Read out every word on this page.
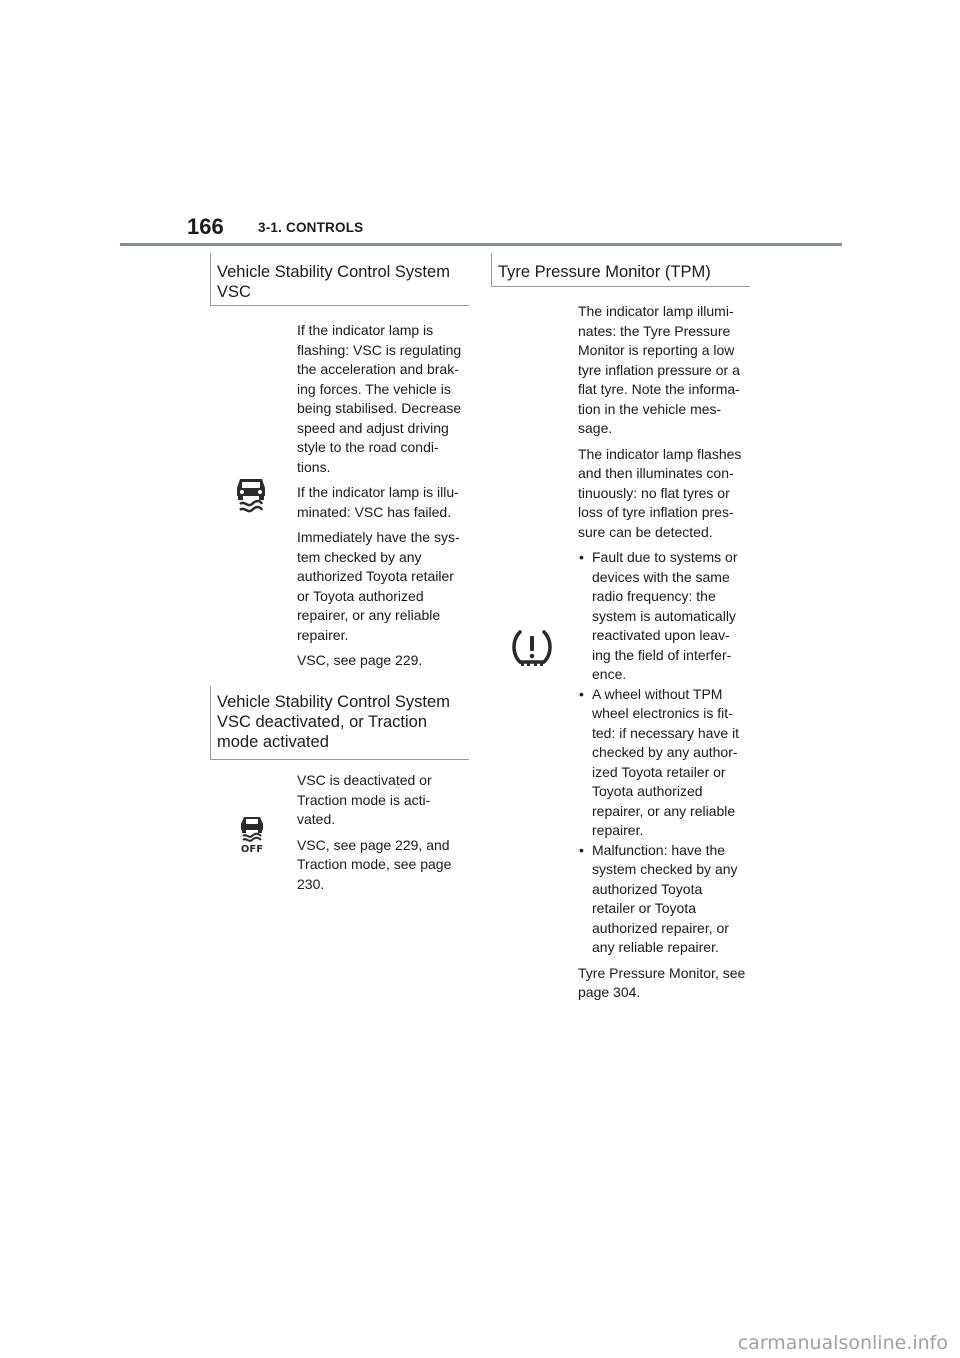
166	3-1. CONTROLS
Vehicle Stability Control System
VSC

If the indicator lamp is flashing: VSC is regulating the acceleration and brak-ing forces. The vehicle is being stabilised. Decrease speed and adjust driving style to the road condi-tions.

If the indicator lamp is illu-minated: VSC has failed.

Immediately have the sys-tem checked by any authorized Toyota retailer or Toyota authorized repairer, or any reliable repairer.

VSC, see page 229.

Vehicle Stability Control System
VSC deactivated, or Traction
mode activated
OFF

VSC is deactivated or Traction mode is acti-vated.

VSC, see page 229, and Traction mode, see page 230.

Tyre Pressure Monitor (TPM)

The indicator lamp illumi-nates: the Tyre Pressure Monitor is reporting a low tyre inflation pressure or a flat tyre. Note the informa-tion in the vehicle mes-sage.

The indicator lamp flashes and then illuminates con-tinuously: no flat tyres or loss of tyre inflation pres-sure can be detected.

• Fault due to systems or devices with the same radio frequency: the system is automatically reactivated upon leav-ing the field of interfer-ence.
• A wheel without TPM wheel electronics is fit-ted: if necessary have it checked by any author-ized Toyota retailer or Toyota authorized repairer, or any reliable repairer.
• Malfunction: have the system checked by any authorized Toyota retailer or Toyota authorized repairer, or any reliable repairer.

Tyre Pressure Monitor, see page 304.

carmanualsonline.info
